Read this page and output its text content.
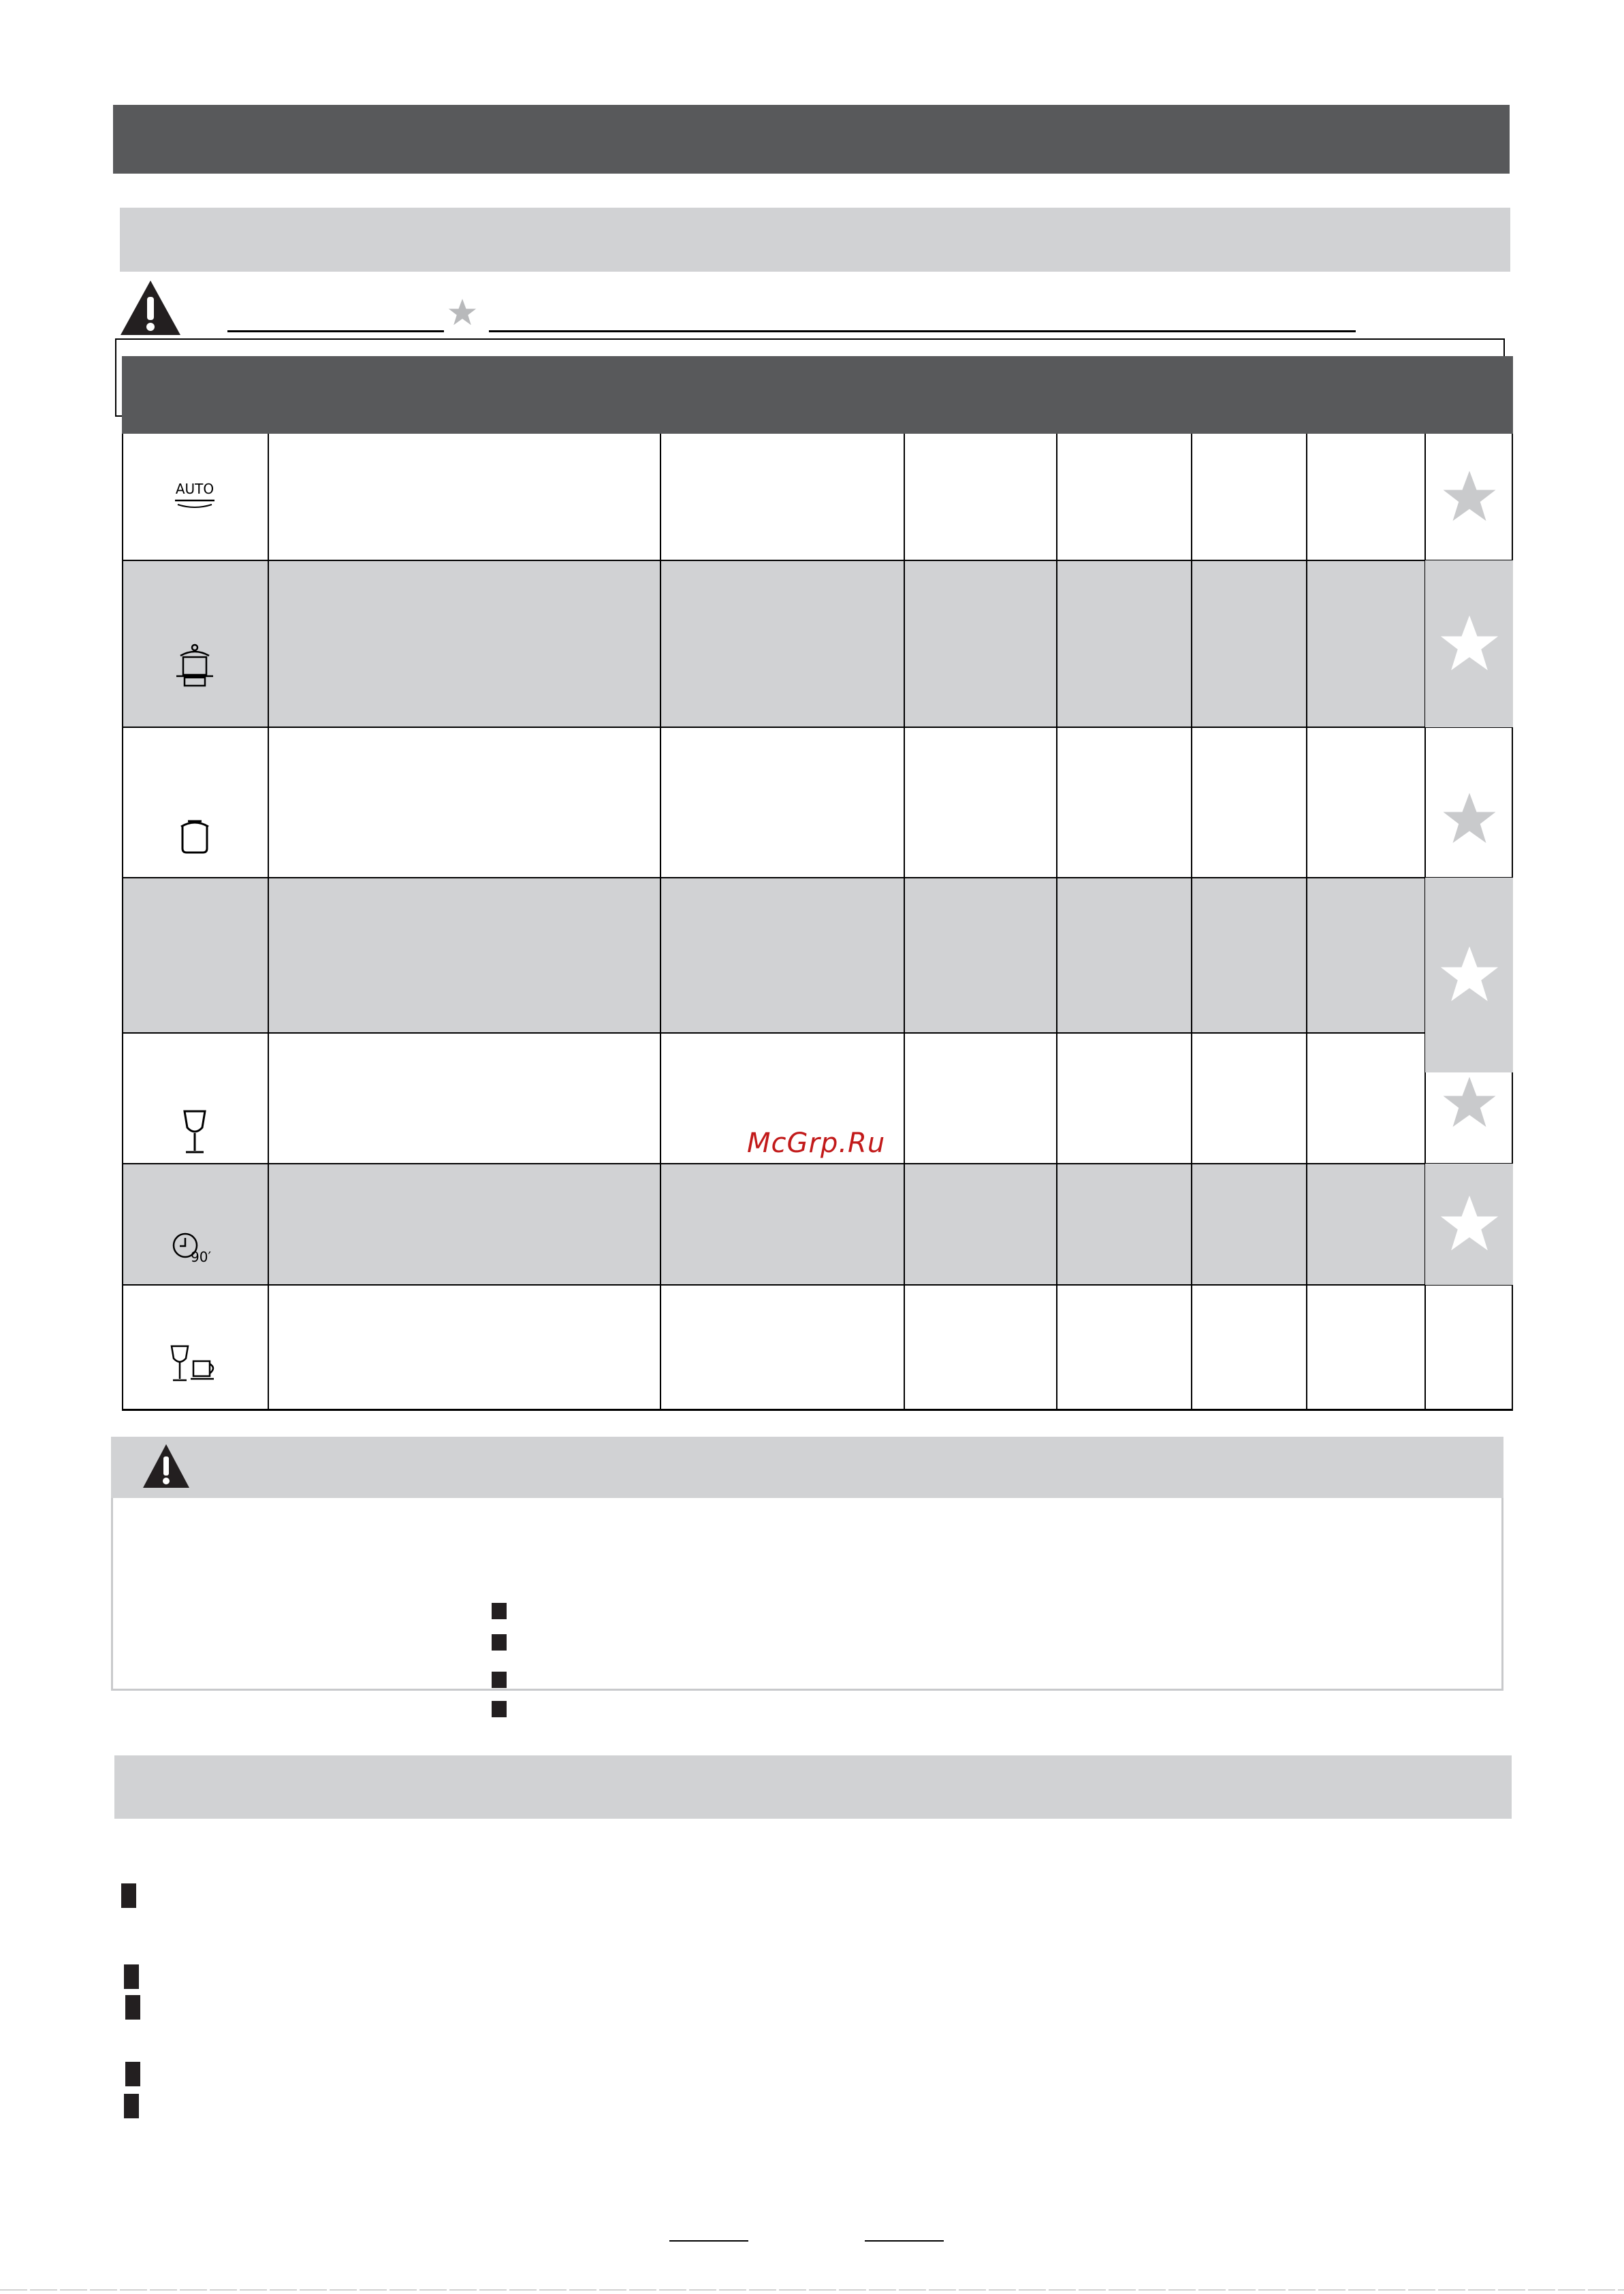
AUTO
90′
McGrp.Ru
